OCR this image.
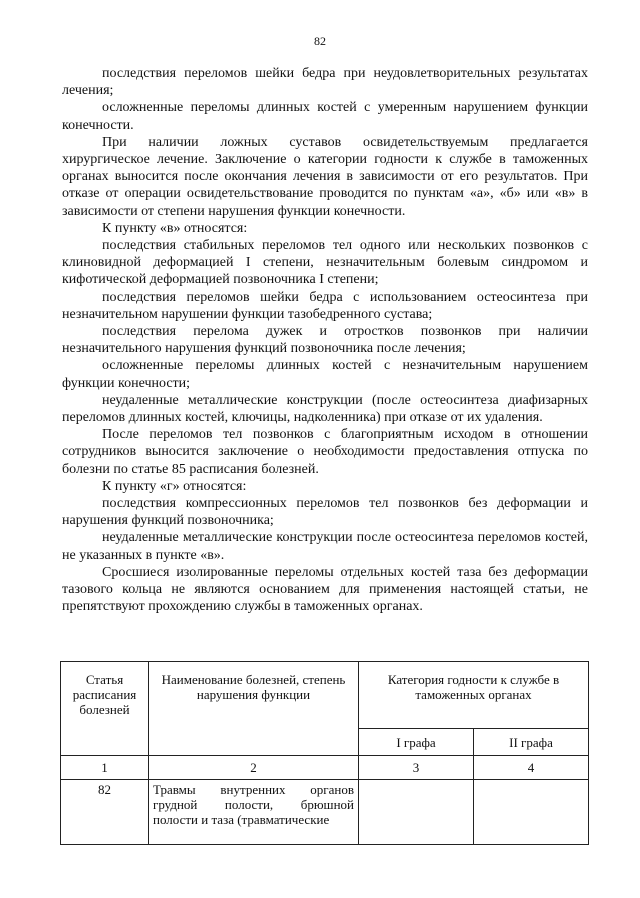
82

последствия переломов шейки бедра при неудовлетворительных результатах лечения;

осложненные переломы длинных костей с умеренным нарушением функции конечности.

При наличии ложных суставов освидетельствуемым предлагается хирургическое лечение. Заключение о категории годности к службе в таможенных органах выносится после окончания лечения в зависимости от его результатов. При отказе от операции освидетельствование проводится по пунктам «а», «б» или «в» в зависимости от степени нарушения функции конечности.

К пункту «в» относятся:

последствия стабильных переломов тел одного или нескольких позвонков с клиновидной деформацией I степени, незначительным болевым синдромом и кифотической деформацией позвоночника I степени;

последствия переломов шейки бедра с использованием остеосинтеза при незначительном нарушении функции тазобедренного сустава;

последствия перелома дужек и отростков позвонков при наличии незначительного нарушения функций позвоночника после лечения;

осложненные переломы длинных костей с незначительным нарушением функции конечности;

неудаленные металлические конструкции (после остеосинтеза диафизарных переломов длинных костей, ключицы, надколенника) при отказе от их удаления.

После переломов тел позвонков с благоприятным исходом в отношении сотрудников выносится заключение о необходимости предоставления отпуска по болезни по статье 85 расписания болезней.

К пункту «г» относятся:

последствия компрессионных переломов тел позвонков без деформации и нарушения функций позвоночника;

неудаленные металлические конструкции после остеосинтеза переломов костей, не указанных в пункте «в».

Сросшиеся изолированные переломы отдельных костей таза без деформации тазового кольца не являются основанием для применения настоящей статьи, не препятствуют прохождению службы в таможенных органах.

Статья расписания болезней	Наименование болезней, степень нарушения функции	Категория годности к службе в таможенных органах	
		I графа	II графа
1	2	3	4
82	Травмы внутренних органов грудной полости, брюшной
полости и таза (травматические		
